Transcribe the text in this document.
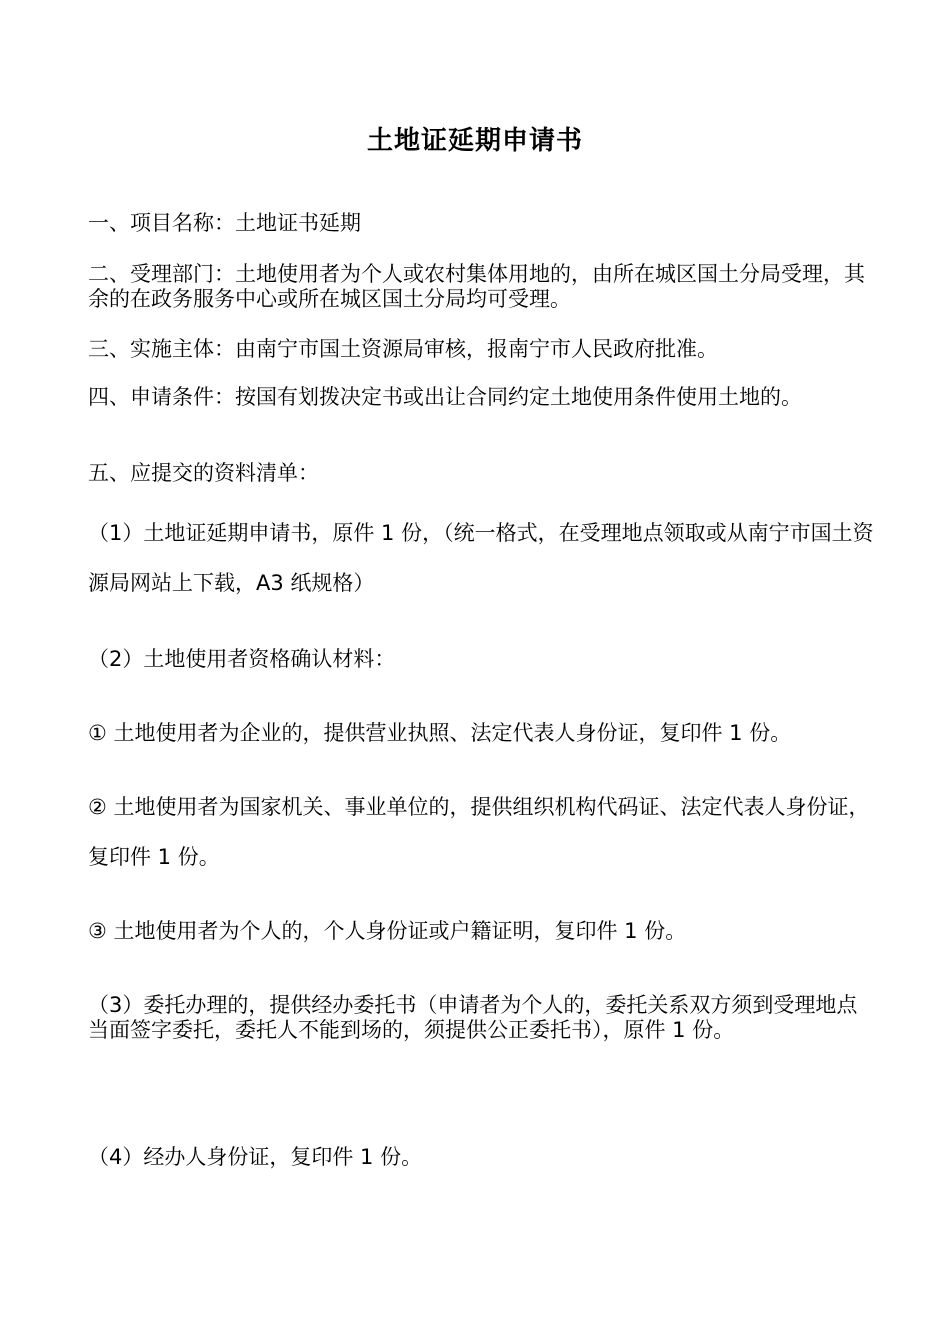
土地证延期申请书

一、项目名称：土地证书延期

二、受理部门：土地使用者为个人或农村集体用地的，由所在城区国土分局受理，其余的在政务服务中心或所在城区国土分局均可受理。

三、实施主体：由南宁市国土资源局审核，报南宁市人民政府批准。

四、申请条件：按国有划拨决定书或出让合同约定土地使用条件使用土地的。

五、应提交的资料清单：

（1）土地证延期申请书，原件 1 份，（统一格式，在受理地点领取或从南宁市国土资源局网站上下载，A3 纸规格）

（2）土地使用者资格确认材料：

① 土地使用者为企业的，提供营业执照、法定代表人身份证，复印件 1 份。

② 土地使用者为国家机关、事业单位的，提供组织机构代码证、法定代表人身份证，复印件 1 份。

③ 土地使用者为个人的，个人身份证或户籍证明，复印件 1 份。

（3）委托办理的，提供经办委托书（申请者为个人的，委托关系双方须到受理地点当面签字委托，委托人不能到场的，须提供公正委托书），原件 1 份。

（4）经办人身份证，复印件 1 份。
